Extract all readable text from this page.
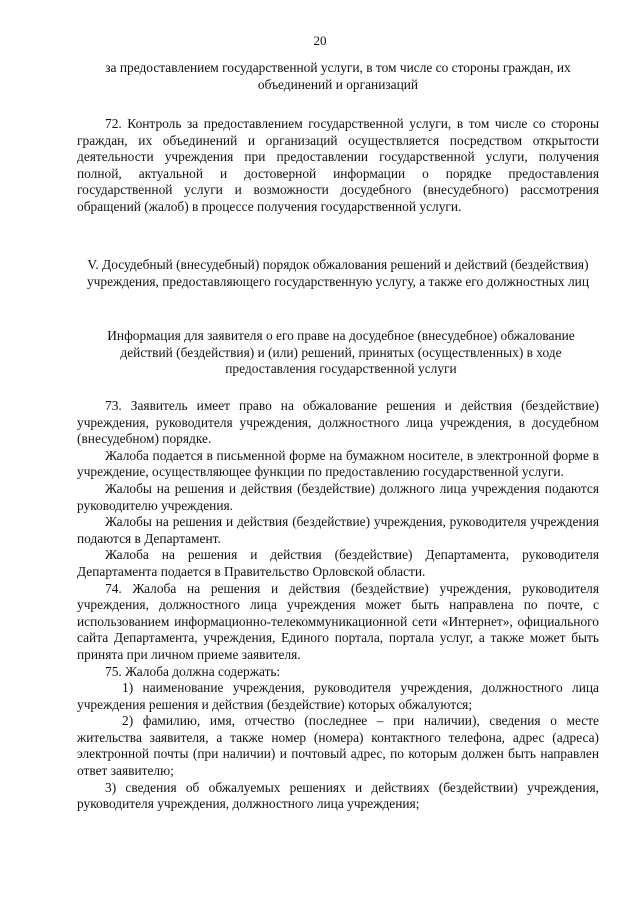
20

за предоставлением государственной услуги, в том числе со стороны граждан, их объединений и организаций

72. Контроль за предоставлением государственной услуги, в том числе со стороны граждан, их объединений и организаций осуществляется посредством открытости деятельности учреждения при предоставлении государственной услуги, получения полной, актуальной и достоверной информации о порядке предоставления государственной услуги и возможности досудебного (внесудебного) рассмотрения обращений (жалоб) в процессе получения государственной услуги.

V. Досудебный (внесудебный) порядок обжалования решений и действий (бездействия) учреждения, предоставляющего государственную услугу, а также его должностных лиц

Информация для заявителя о его праве на досудебное (внесудебное) обжалование действий (бездействия) и (или) решений, принятых (осуществленных) в ходе предоставления государственной услуги

73. Заявитель имеет право на обжалование решения и действия (бездействие) учреждения, руководителя учреждения, должностного лица учреждения, в досудебном (внесудебном) порядке.

Жалоба подается в письменной форме на бумажном носителе, в электронной форме в учреждение, осуществляющее функции по предоставлению государственной услуги.

Жалобы на решения и действия (бездействие) должного лица учреждения подаются руководителю учреждения.

Жалобы на решения и действия (бездействие) учреждения, руководителя учреждения подаются в Департамент.

Жалоба на решения и действия (бездействие) Департамента, руководителя Департамента подается в Правительство Орловской области.

74. Жалоба на решения и действия (бездействие) учреждения, руководителя учреждения, должностного лица учреждения может быть направлена по почте, с использованием информационно-телекоммуникационной сети «Интернет», официального сайта Департамента, учреждения, Единого портала, портала услуг, а также может быть принята при личном приеме заявителя.

75. Жалоба должна содержать:

1) наименование учреждения, руководителя учреждения, должностного лица учреждения решения и действия (бездействие) которых обжалуются;

2) фамилию, имя, отчество (последнее – при наличии), сведения о месте жительства заявителя, а также номер (номера) контактного телефона, адрес (адреса) электронной почты (при наличии) и почтовый адрес, по которым должен быть направлен ответ заявителю;

3) сведения об обжалуемых решениях и действиях (бездействии) учреждения, руководителя учреждения, должностного лица учреждения;
